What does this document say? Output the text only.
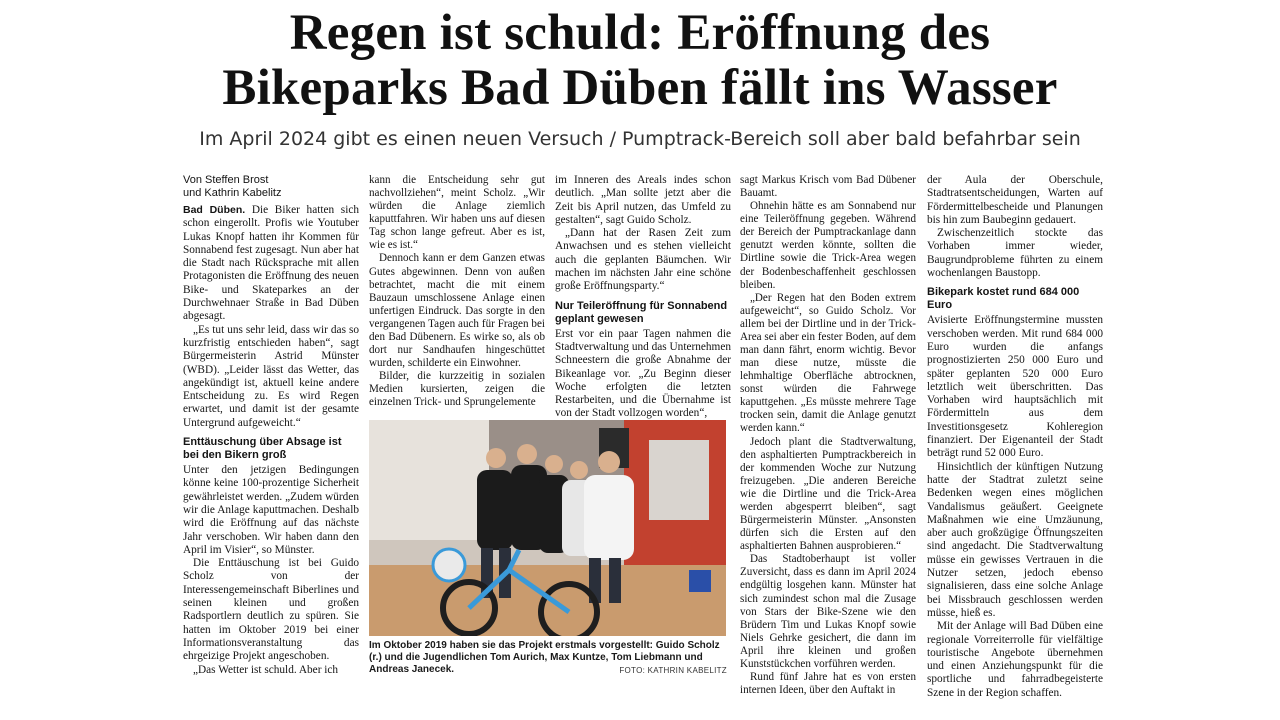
Regen ist schuld: Eröffnung des
Bikeparks Bad Düben fällt ins Wasser
Im April 2024 gibt es einen neuen Versuch / Pumptrack-Bereich soll aber bald befahrbar sein
Von Steffen Brost
und Kathrin Kabelitz

Bad Düben. Die Biker hatten sich schon eingerollt. Profis wie Youtuber Lukas Knopf hatten ihr Kommen für Sonnabend fest zugesagt. Nun aber hat die Stadt nach Rücksprache mit allen Protagonisten die Eröffnung des neuen Bike- und Skateparkes an der Durchwehnaer Straße in Bad Düben abgesagt.

„Es tut uns sehr leid, dass wir das so kurzfristig entschieden haben“, sagt Bürgermeisterin Astrid Münster (WBD). „Leider lässt das Wetter, das angekündigt ist, aktuell keine andere Entscheidung zu. Es wird Regen erwartet, und damit ist der gesamte Untergrund aufgeweicht.“

Enttäuschung über Absage ist bei den Bikern groß

Unter den jetzigen Bedingungen könne keine 100-prozentige Sicherheit gewährleistet werden. „Zudem würden wir die Anlage kaputtmachen. Deshalb wird die Eröffnung auf das nächste Jahr verschoben. Wir haben dann den April im Visier“, so Münster.

Die Enttäuschung ist bei Guido Scholz von der Interessengemeinschaft Biberlines und seinen kleinen und großen Radsportlern deutlich zu spüren. Sie hatten im Oktober 2019 bei einer Informationsveranstaltung das ehrgeizige Projekt angeschoben.

„Das Wetter ist schuld. Aber ich

kann die Entscheidung sehr gut nachvollziehen“, meint Scholz. „Wir würden die Anlage ziemlich kaputtfahren. Wir haben uns auf diesen Tag schon lange gefreut. Aber es ist, wie es ist.“

Dennoch kann er dem Ganzen etwas Gutes abgewinnen. Denn von außen betrachtet, macht die mit einem Bauzaun umschlossene Anlage einen unfertigen Eindruck. Das sorgte in den vergangenen Tagen auch für Fragen bei den Bad Dübenern. Es wirke so, als ob dort nur Sandhaufen hingeschüttet wurden, schilderte ein Einwohner.

Bilder, die kurzzeitig in sozialen Medien kursierten, zeigen die einzelnen Trick- und Sprungelemente

im Inneren des Areals indes schon deutlich. „Man sollte jetzt aber die Zeit bis April nutzen, das Umfeld zu gestalten“, sagt Guido Scholz.

„Dann hat der Rasen Zeit zum Anwachsen und es stehen vielleicht auch die geplanten Bäumchen. Wir machen im nächsten Jahr eine schöne große Eröffnungsparty.“

Nur Teileröffnung für Sonnabend geplant gewesen

Erst vor ein paar Tagen nahmen die Stadtverwaltung und das Unternehmen Schneestern die große Abnahme der Bikeanlage vor. „Zu Beginn dieser Woche erfolgten die letzten Restarbeiten, und die Übernahme ist von der Stadt vollzogen worden“,

Im Oktober 2019 haben sie das Projekt erstmals vorgestellt: Guido Scholz (r.) und die Jugendlichen Tom Aurich, Max Kuntze, Tom Liebmann und Andreas Janecek.	FOTO: KATHRIN KABELITZ

sagt Markus Krisch vom Bad Dübener Bauamt.

Ohnehin hätte es am Sonnabend nur eine Teileröffnung gegeben. Während der Bereich der Pumptrackanlage dann genutzt werden könnte, sollten die Dirtline sowie die Trick-Area wegen der Bodenbeschaffenheit geschlossen bleiben.

„Der Regen hat den Boden extrem aufgeweicht“, so Guido Scholz. Vor allem bei der Dirtline und in der Trick-Area sei aber ein fester Boden, auf dem man dann fährt, enorm wichtig. Bevor man diese nutze, müsste die lehmhaltige Oberfläche abtrocknen, sonst würden die Fahrwege kaputtgehen. „Es müsste mehrere Tage trocken sein, damit die Anlage genutzt werden kann.“

Jedoch plant die Stadtverwaltung, den asphaltierten Pumptrackbereich in der kommenden Woche zur Nutzung freizugeben. „Die anderen Bereiche wie die Dirtline und die Trick-Area werden abgesperrt bleiben“, sagt Bürgermeisterin Münster. „Ansonsten dürfen sich die Ersten auf den asphaltierten Bahnen ausprobieren.“

Das Stadtoberhaupt ist voller Zuversicht, dass es dann im April 2024 endgültig losgehen kann. Münster hat sich zumindest schon mal die Zusage von Stars der Bike-Szene wie den Brüdern Tim und Lukas Knopf sowie Niels Gehrke gesichert, die dann im April ihre kleinen und großen Kunststückchen vorführen werden.

Rund fünf Jahre hat es von ersten internen Ideen, über den Auftakt in

der Aula der Oberschule, Stadtratsentscheidungen, Warten auf Fördermittelbescheide und Planungen bis hin zum Baubeginn gedauert.

Zwischenzeitlich stockte das Vorhaben immer wieder, Baugrundprobleme führten zu einem wochenlangen Baustopp.

Bikepark kostet rund 684 000 Euro

Avisierte Eröffnungstermine mussten verschoben werden. Mit rund 684 000 Euro wurden die anfangs prognostizierten 250 000 Euro und später geplanten 520 000 Euro letztlich weit überschritten. Das Vorhaben wird hauptsächlich mit Fördermitteln aus dem Investitionsgesetz Kohleregion finanziert. Der Eigenanteil der Stadt beträgt rund 52 000 Euro.

Hinsichtlich der künftigen Nutzung hatte der Stadtrat zuletzt seine Bedenken wegen eines möglichen Vandalismus geäußert. Geeignete Maßnahmen wie eine Umzäunung, aber auch großzügige Öffnungszeiten sind angedacht. Die Stadtverwaltung müsse ein gewisses Vertrauen in die Nutzer setzen, jedoch ebenso signalisieren, dass eine solche Anlage bei Missbrauch geschlossen werden müsse, hieß es.

Mit der Anlage will Bad Düben eine regionale Vorreiterrolle für vielfältige touristische Angebote übernehmen und einen Anziehungspunkt für die sportliche und fahrradbegeisterte Szene in der Region schaffen.
